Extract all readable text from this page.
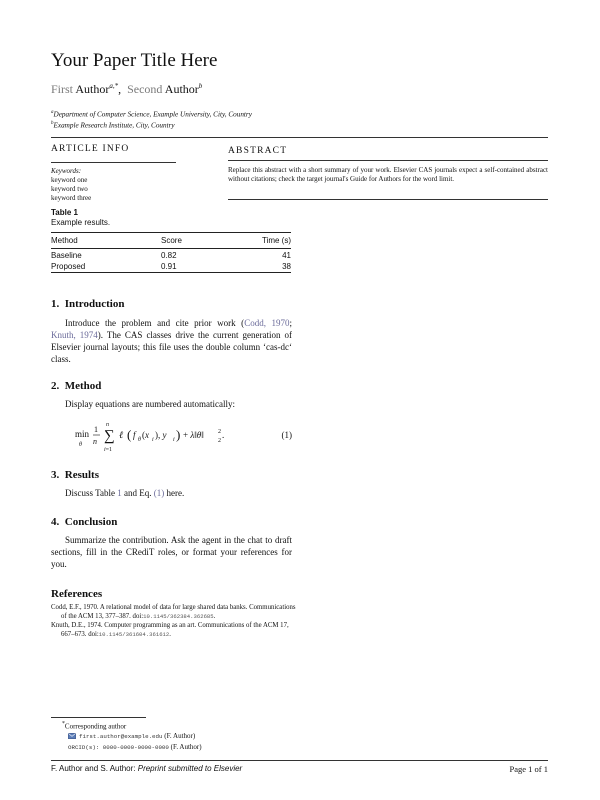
Your Paper Title Here
First Author$^{a,*}$,  Second Author$^b$
$^a$Department of Computer Science, Example University, City, Country
$^b$Example Research Institute, City, Country
ARTICLE INFO
Keywords:
keyword one
keyword two
keyword three
ABSTRACT
Replace this abstract with a short summary of your work. Elsevier CAS journals expect a self-contained abstract without citations; check the target journal's Guide for Authors for the word limit.
Table 1
Example results.
Method	Score	Time (s)
Baseline	0.82	41
Proposed	0.91	38
1. Introduction
Introduce the problem and cite prior work (Codd, 1970; Knuth, 1974). The CAS classes drive the current generation of Elsevier journal layouts; this file uses the double column ‘cas-dc‘ class.
2. Method
Display equations are numbered automatically:
min
θ
1
n
n
∑
i=1
ℓ ( f θ (x i ), y i ) + λ‖θ‖ 2
2
.	(1)
3. Results
Discuss Table 1 and Eq. (1) here.
4. Conclusion
Summarize the contribution. Ask the agent in the chat to draft sections, fill in the CRediT roles, or format your references for you.
References
Codd, E.F., 1970. A relational model of data for large shared data banks. Communications of the ACM 13, 377–387. doi:10.1145/362384.362685.
Knuth, D.E., 1974. Computer programming as an art. Communications of the ACM 17, 667–673. doi:10.1145/361604.361612.
*Corresponding author
first.author@example.edu (F. Author)
ORCID(s): 0000-0000-0000-0000 (F. Author)
F. Author and S. Author: Preprint submitted to Elsevier	Page 1 of 1
